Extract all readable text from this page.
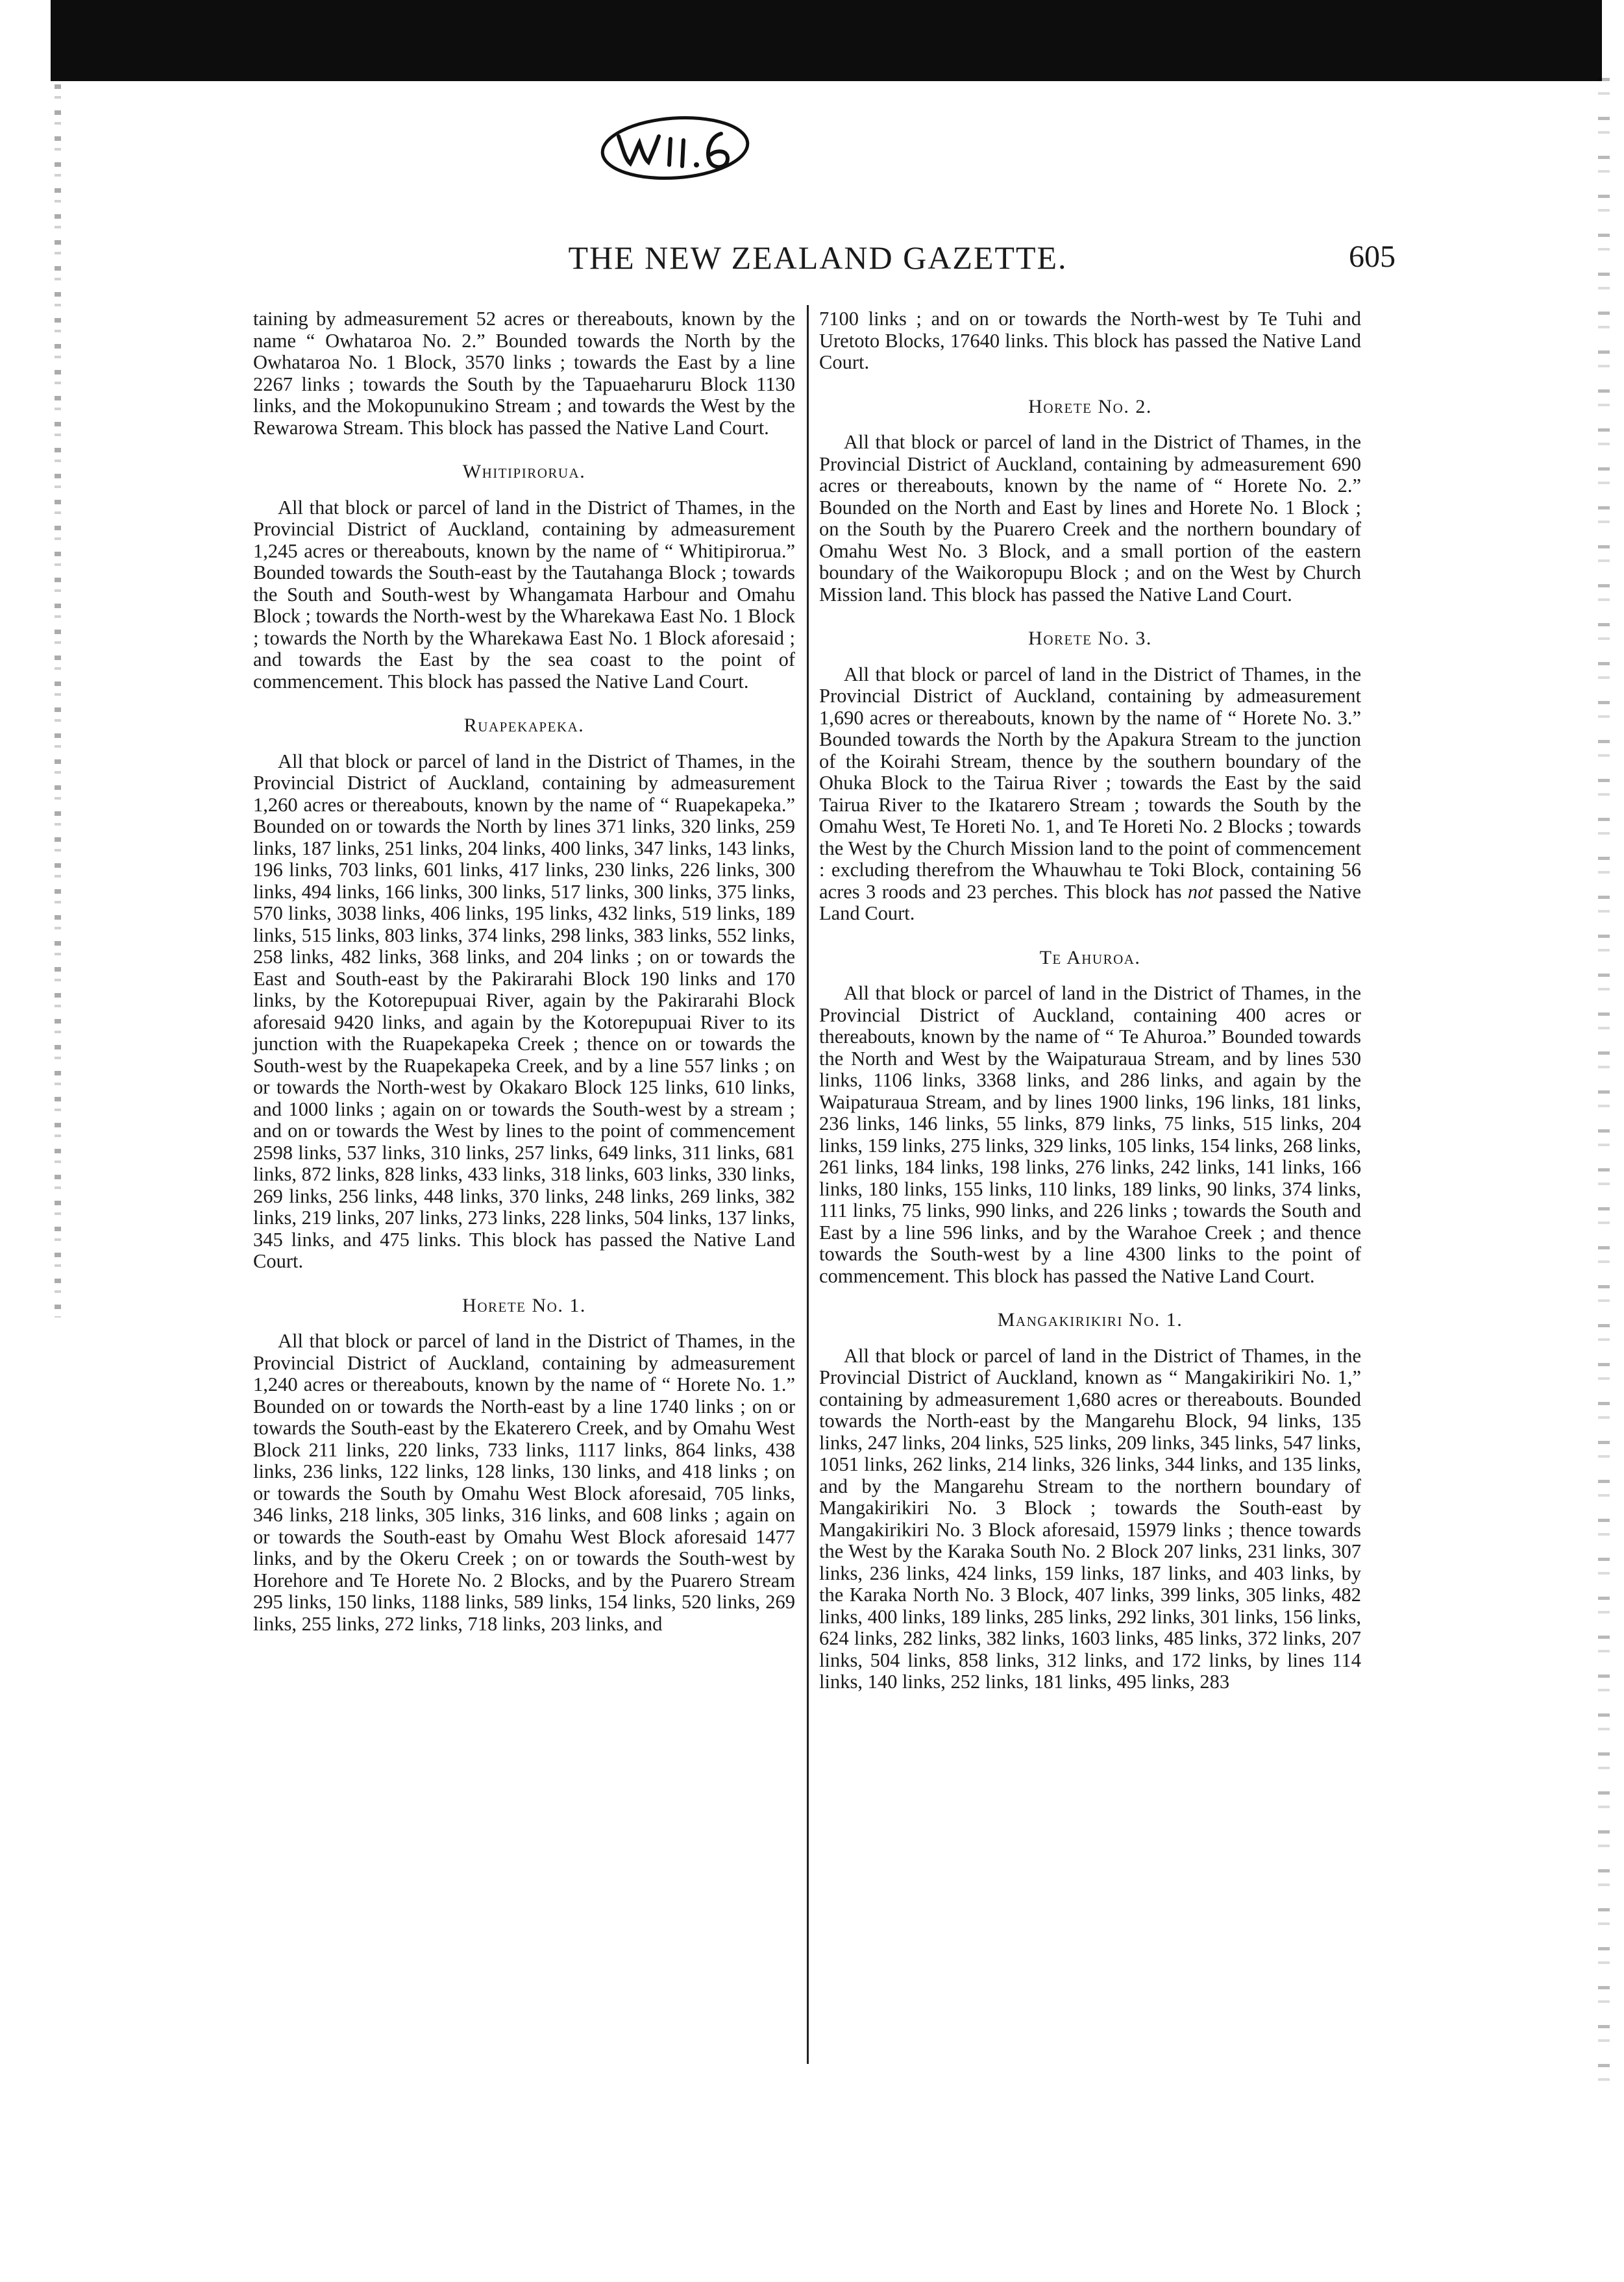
THE NEW ZEALAND GAZETTE.	605

taining by admeasurement 52 acres or thereabouts, known by the name “ Owhataroa No. 2.” Bounded towards the North by the Owhataroa No. 1 Block, 3570 links ; towards the East by a line 2267 links ; towards the South by the Tapuaeharuru Block 1130 links, and the Mokopunukino Stream ; and towards the West by the Rewarowa Stream. This block has passed the Native Land Court.

Whitipirorua.

All that block or parcel of land in the District of Thames, in the Provincial District of Auckland, containing by admeasurement 1,245 acres or thereabouts, known by the name of “ Whitipirorua.” Bounded towards the South-east by the Tautahanga Block ; towards the South and South-west by Whangamata Harbour and Omahu Block ; towards the North-west by the Wharekawa East No. 1 Block ; towards the North by the Wharekawa East No. 1 Block aforesaid ; and towards the East by the sea coast to the point of commencement. This block has passed the Native Land Court.

Ruapekapeka.

All that block or parcel of land in the District of Thames, in the Provincial District of Auckland, containing by admeasurement 1,260 acres or thereabouts, known by the name of “ Ruapekapeka.” Bounded on or towards the North by lines 371 links, 320 links, 259 links, 187 links, 251 links, 204 links, 400 links, 347 links, 143 links, 196 links, 703 links, 601 links, 417 links, 230 links, 226 links, 300 links, 494 links, 166 links, 300 links, 517 links, 300 links, 375 links, 570 links, 3038 links, 406 links, 195 links, 432 links, 519 links, 189 links, 515 links, 803 links, 374 links, 298 links, 383 links, 552 links, 258 links, 482 links, 368 links, and 204 links ; on or towards the East and South-east by the Pakirarahi Block 190 links and 170 links, by the Kotorepupuai River, again by the Pakirarahi Block aforesaid 9420 links, and again by the Kotorepupuai River to its junction with the Ruapekapeka Creek ; thence on or towards the South-west by the Ruapekapeka Creek, and by a line 557 links ; on or towards the North-west by Okakaro Block 125 links, 610 links, and 1000 links ; again on or towards the South-west by a stream ; and on or towards the West by lines to the point of commencement 2598 links, 537 links, 310 links, 257 links, 649 links, 311 links, 681 links, 872 links, 828 links, 433 links, 318 links, 603 links, 330 links, 269 links, 256 links, 448 links, 370 links, 248 links, 269 links, 382 links, 219 links, 207 links, 273 links, 228 links, 504 links, 137 links, 345 links, and 475 links. This block has passed the Native Land Court.

Horete No. 1.

All that block or parcel of land in the District of Thames, in the Provincial District of Auckland, containing by admeasurement 1,240 acres or thereabouts, known by the name of “ Horete No. 1.” Bounded on or towards the North-east by a line 1740 links ; on or towards the South-east by the Ekaterero Creek, and by Omahu West Block 211 links, 220 links, 733 links, 1117 links, 864 links, 438 links, 236 links, 122 links, 128 links, 130 links, and 418 links ; on or towards the South by Omahu West Block aforesaid, 705 links, 346 links, 218 links, 305 links, 316 links, and 608 links ; again on or towards the South-east by Omahu West Block aforesaid 1477 links, and by the Okeru Creek ; on or towards the South-west by Horehore and Te Horete No. 2 Blocks, and by the Puarero Stream 295 links, 150 links, 1188 links, 589 links, 154 links, 520 links, 269 links, 255 links, 272 links, 718 links, 203 links, and

7100 links ; and on or towards the North-west by Te Tuhi and Uretoto Blocks, 17640 links. This block has passed the Native Land Court.

Horete No. 2.

All that block or parcel of land in the District of Thames, in the Provincial District of Auckland, containing by admeasurement 690 acres or thereabouts, known by the name of “ Horete No. 2.” Bounded on the North and East by lines and Horete No. 1 Block ; on the South by the Puarero Creek and the northern boundary of Omahu West No. 3 Block, and a small portion of the eastern boundary of the Waikoropupu Block ; and on the West by Church Mission land. This block has passed the Native Land Court.

Horete No. 3.

All that block or parcel of land in the District of Thames, in the Provincial District of Auckland, containing by admeasurement 1,690 acres or thereabouts, known by the name of “ Horete No. 3.” Bounded towards the North by the Apakura Stream to the junction of the Koirahi Stream, thence by the southern boundary of the Ohuka Block to the Tairua River ; towards the East by the said Tairua River to the Ikatarero Stream ; towards the South by the Omahu West, Te Horeti No. 1, and Te Horeti No. 2 Blocks ; towards the West by the Church Mission land to the point of commencement : excluding therefrom the Whauwhau te Toki Block, containing 56 acres 3 roods and 23 perches. This block has not passed the Native Land Court.

Te Ahuroa.

All that block or parcel of land in the District of Thames, in the Provincial District of Auckland, containing 400 acres or thereabouts, known by the name of “ Te Ahuroa.” Bounded towards the North and West by the Waipaturaua Stream, and by lines 530 links, 1106 links, 3368 links, and 286 links, and again by the Waipaturaua Stream, and by lines 1900 links, 196 links, 181 links, 236 links, 146 links, 55 links, 879 links, 75 links, 515 links, 204 links, 159 links, 275 links, 329 links, 105 links, 154 links, 268 links, 261 links, 184 links, 198 links, 276 links, 242 links, 141 links, 166 links, 180 links, 155 links, 110 links, 189 links, 90 links, 374 links, 111 links, 75 links, 990 links, and 226 links ; towards the South and East by a line 596 links, and by the Warahoe Creek ; and thence towards the South-west by a line 4300 links to the point of commencement. This block has passed the Native Land Court.

Mangakirikiri No. 1.

All that block or parcel of land in the District of Thames, in the Provincial District of Auckland, known as “ Mangakirikiri No. 1,” containing by admeasurement 1,680 acres or thereabouts. Bounded towards the North-east by the Mangarehu Block, 94 links, 135 links, 247 links, 204 links, 525 links, 209 links, 345 links, 547 links, 1051 links, 262 links, 214 links, 326 links, 344 links, and 135 links, and by the Mangarehu Stream to the northern boundary of Mangakirikiri No. 3 Block ; towards the South-east by Mangakirikiri No. 3 Block aforesaid, 15979 links ; thence towards the West by the Karaka South No. 2 Block 207 links, 231 links, 307 links, 236 links, 424 links, 159 links, 187 links, and 403 links, by the Karaka North No. 3 Block, 407 links, 399 links, 305 links, 482 links, 400 links, 189 links, 285 links, 292 links, 301 links, 156 links, 624 links, 282 links, 382 links, 1603 links, 485 links, 372 links, 207 links, 504 links, 858 links, 312 links, and 172 links, by lines 114 links, 140 links, 252 links, 181 links, 495 links, 283
